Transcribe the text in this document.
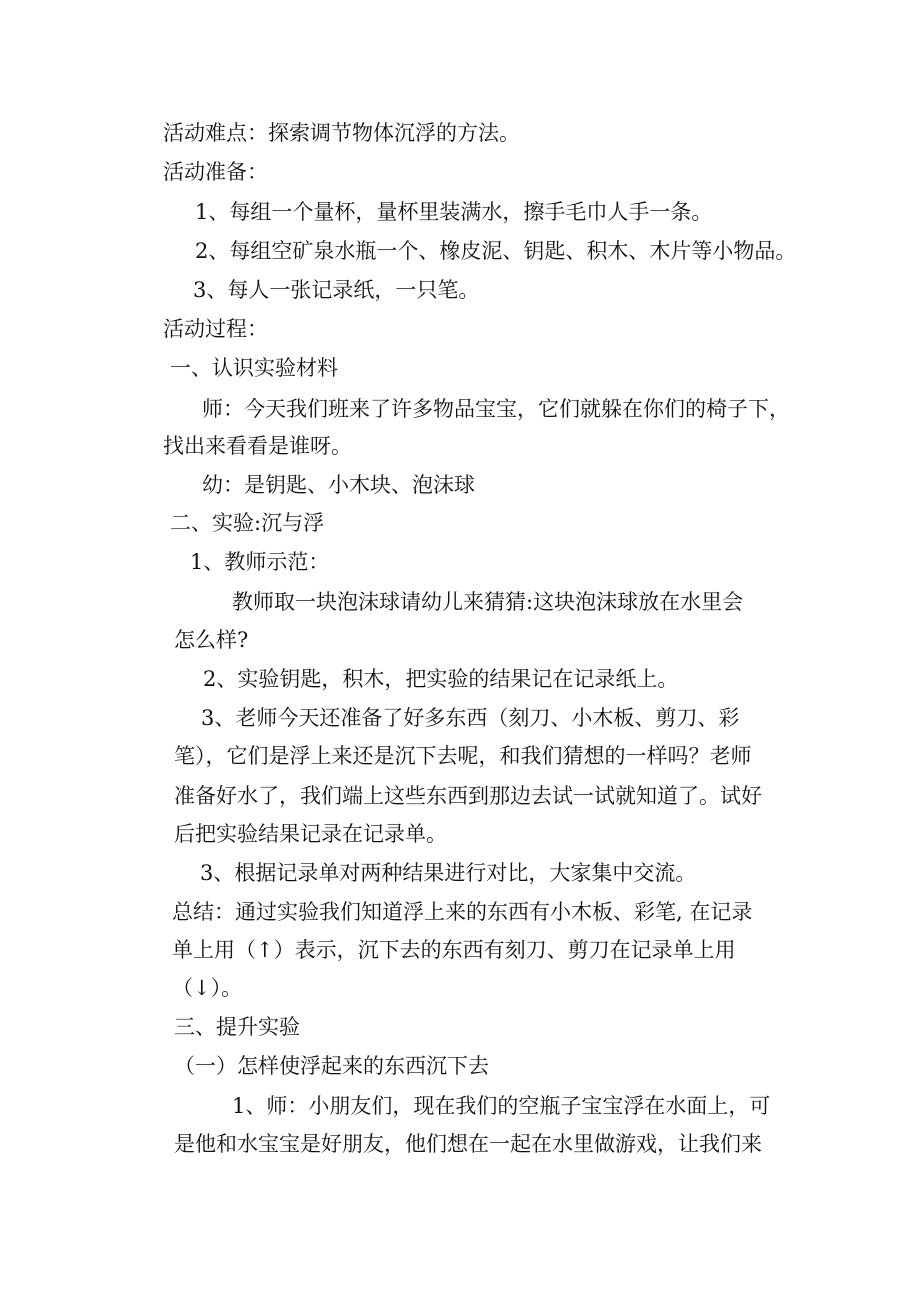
活动难点：探索调节物体沉浮的方法。

活动准备：

1、每组一个量杯，量杯里装满水，擦手毛巾人手一条。

2、每组空矿泉水瓶一个、橡皮泥、钥匙、积木、木片等小物品。

3、每人一张记录纸，一只笔。

活动过程：

一、认识实验材料

师：今天我们班来了许多物品宝宝，它们就躲在你们的椅子下，

找出来看看是谁呀。

幼：是钥匙、小木块、泡沫球

二、实验:沉与浮

1、教师示范：

教师取一块泡沫球请幼儿来猜猜:这块泡沫球放在水里会

怎么样?

2、实验钥匙，积木，把实验的结果记在记录纸上。

3、老师今天还准备了好多东西（刻刀、小木板、剪刀、彩

笔），它们是浮上来还是沉下去呢，和我们猜想的一样吗？老师

准备好水了，我们端上这些东西到那边去试一试就知道了。试好

后把实验结果记录在记录单。

3、根据记录单对两种结果进行对比，大家集中交流。

总结：通过实验我们知道浮上来的东西有小木板、彩笔, 在记录

单上用（↑）表示，沉下去的东西有刻刀、剪刀在记录单上用

（↓）。

三、提升实验

（一）怎样使浮起来的东西沉下去

1、师：小朋友们，现在我们的空瓶子宝宝浮在水面上，可

是他和水宝宝是好朋友，他们想在一起在水里做游戏，让我们来
